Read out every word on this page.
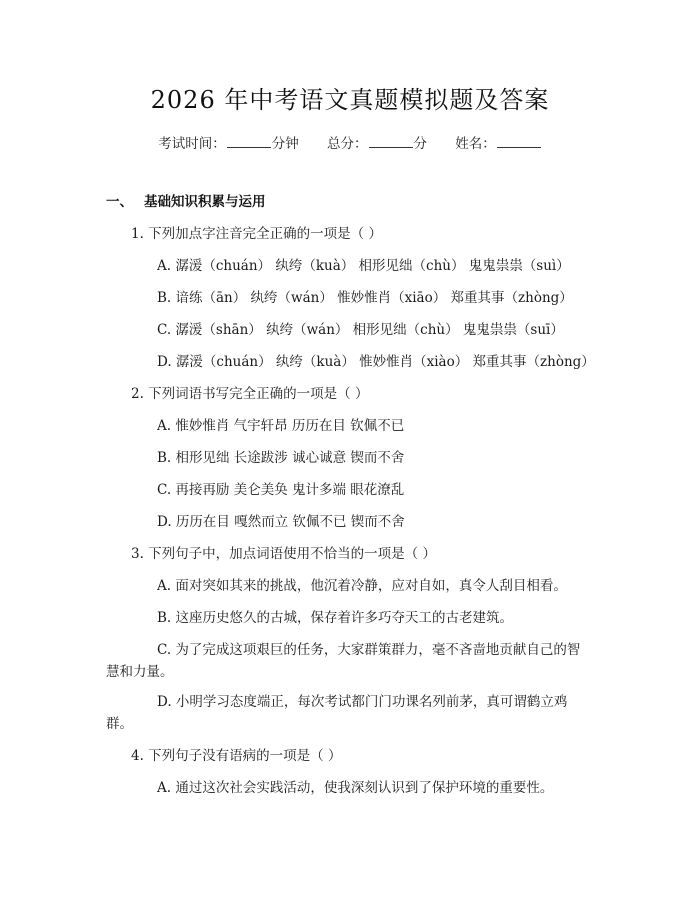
2026 年中考语文真题模拟题及答案
考试时间：	分钟 总分：	分 姓名：
一、 基础知识积累与运用
1. 下列加点字注音完全正确的一项是（ ）
A. 潺湲（chuán） 纨绔（kuà） 相形见绌（chù） 鬼鬼祟祟（suì）
B. 谙练（ān） 纨绔（wán） 惟妙惟肖（xiāo） 郑重其事（zhòng）
C. 潺湲（shān） 纨绔（wán） 相形见绌（chù） 鬼鬼祟祟（suī）
D. 潺湲（chuán） 纨绔（kuà） 惟妙惟肖（xiào） 郑重其事（zhòng）
2. 下列词语书写完全正确的一项是（ ）
A. 惟妙惟肖 气宇轩昂 历历在目 钦佩不已
B. 相形见绌 长途跋涉 诚心诚意 锲而不舍
C. 再接再励 美仑美奂 鬼计多端 眼花潦乱
D. 历历在目 嘎然而立 钦佩不已 锲而不舍
3. 下列句子中，加点词语使用不恰当的一项是（ ）
A. 面对突如其来的挑战，他沉着冷静，应对自如，真令人刮目相看。
B. 这座历史悠久的古城，保存着许多巧夺天工的古老建筑。
C. 为了完成这项艰巨的任务，大家群策群力，毫不吝啬地贡献自己的智
慧和力量。
D. 小明学习态度端正，每次考试都门门功课名列前茅，真可谓鹤立鸡
群。
4. 下列句子没有语病的一项是（ ）
A. 通过这次社会实践活动，使我深刻认识到了保护环境的重要性。
